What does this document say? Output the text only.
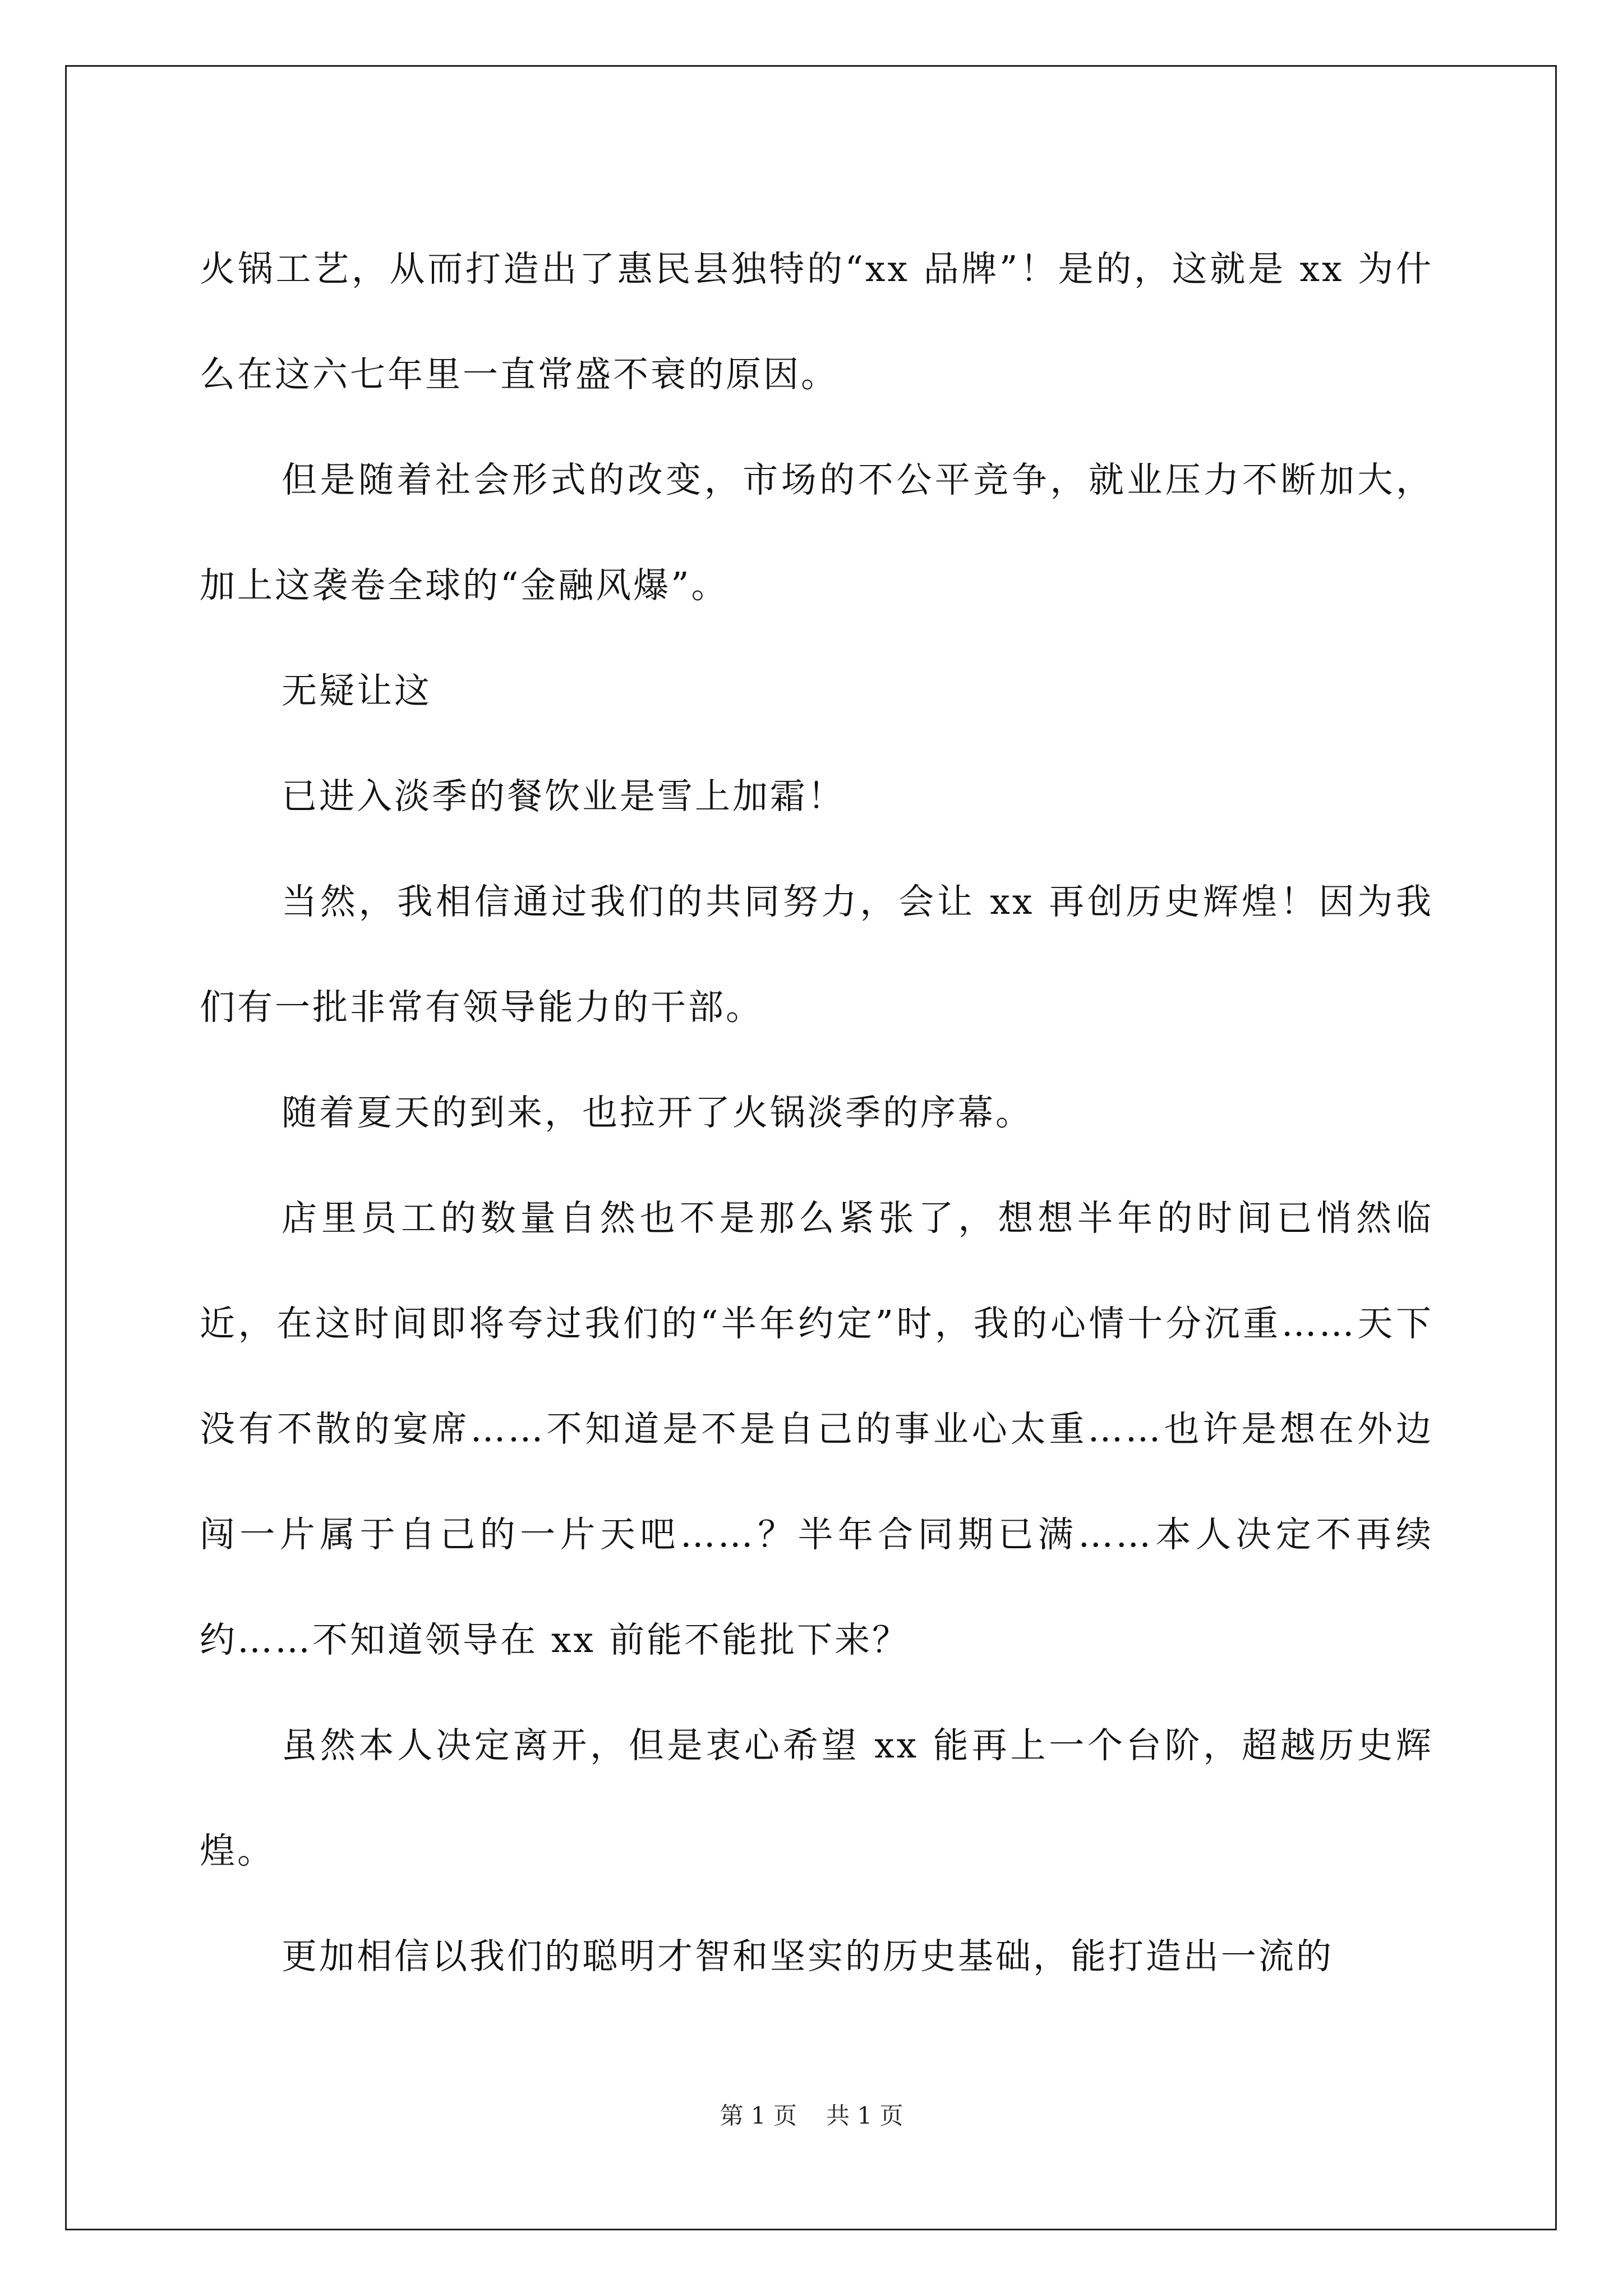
火锅工艺，从而打造出了惠民县独特的“xx 品牌”！是的，这就是 xx 为什么在这六七年里一直常盛不衰的原因。

但是随着社会形式的改变，市场的不公平竞争，就业压力不断加大，加上这袭卷全球的“金融风爆”。

无疑让这

已进入淡季的餐饮业是雪上加霜！

当然，我相信通过我们的共同努力，会让 xx 再创历史辉煌！因为我们有一批非常有领导能力的干部。

随着夏天的到来，也拉开了火锅淡季的序幕。

店里员工的数量自然也不是那么紧张了，想想半年的时间已悄然临近，在这时间即将夸过我们的“半年约定”时，我的心情十分沉重……天下没有不散的宴席……不知道是不是自己的事业心太重……也许是想在外边闯一片属于自己的一片天吧……？半年合同期已满……本人决定不再续约……不知道领导在 xx 前能不能批下来？

虽然本人决定离开，但是衷心希望 xx 能再上一个台阶，超越历史辉煌。

更加相信以我们的聪明才智和坚实的历史基础，能打造出一流的

第 1 页 共 1 页
